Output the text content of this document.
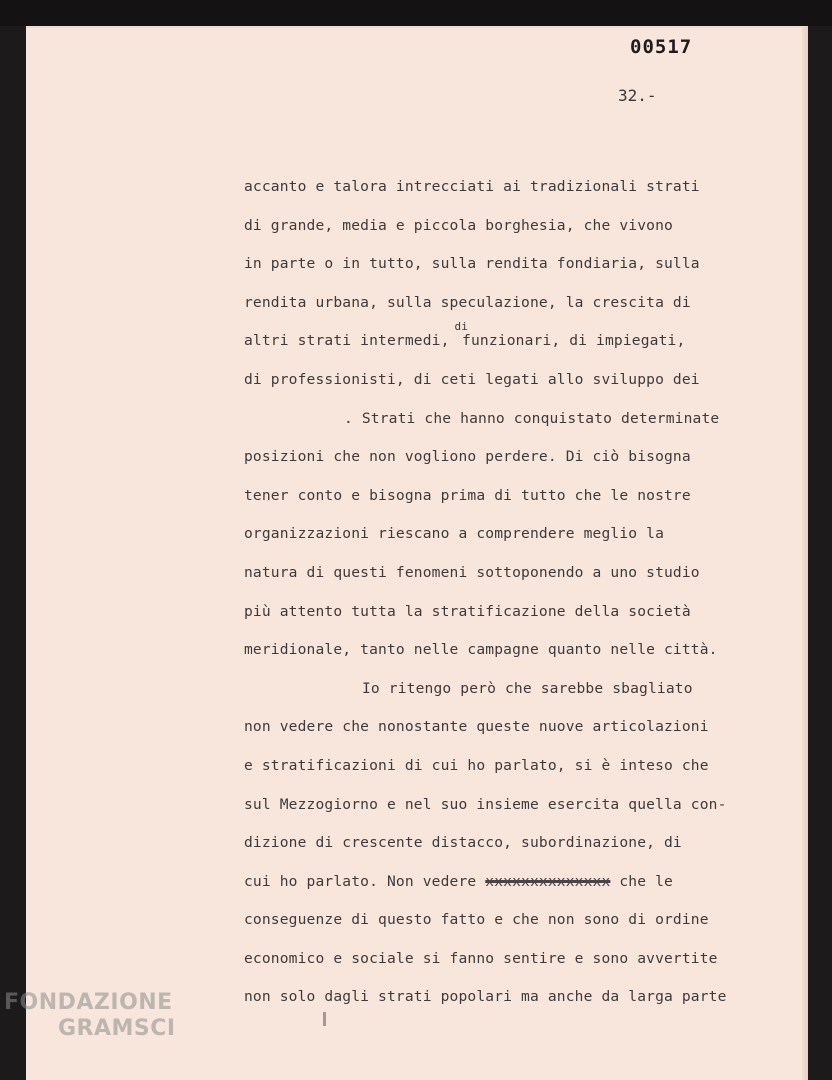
00517
32.-
accanto e talora intrecciati ai tradizionali strati
di grande, media e piccola borghesia, che vivono
in parte o in tutto, sulla rendita fondiaria, sulla
rendita urbana, sulla speculazione, la crescita di
altri strati intermedi, $^{di}$funzionari, di impiegati,
di professionisti, di ceti legati allo sviluppo dei
. Strati che hanno conquistato determinate
posizioni che non vogliono perdere. Di ciò bisogna
tener conto e bisogna prima di tutto che le nostre
organizzazioni riescano a comprendere meglio la
natura di questi fenomeni sottoponendo a uno studio
più attento tutta la stratificazione della società
meridionale, tanto nelle campagne quanto nelle città.
Io ritengo però che sarebbe sbagliato
non vedere che nonostante queste nuove articolazioni
e stratificazioni di cui ho parlato, si è inteso che
sul Mezzogiorno e nel suo insieme esercita quella con-
dizione di crescente distacco, subordinazione, di
cui ho parlato. Non vedere xxxxxxxxxxxxxx che le
conseguenze di questo fatto e che non sono di ordine
economico e sociale si fanno sentire e sono avvertite
non solo dagli strati popolari ma anche da larga parte
FONDAZIONE
GRAMSCI
